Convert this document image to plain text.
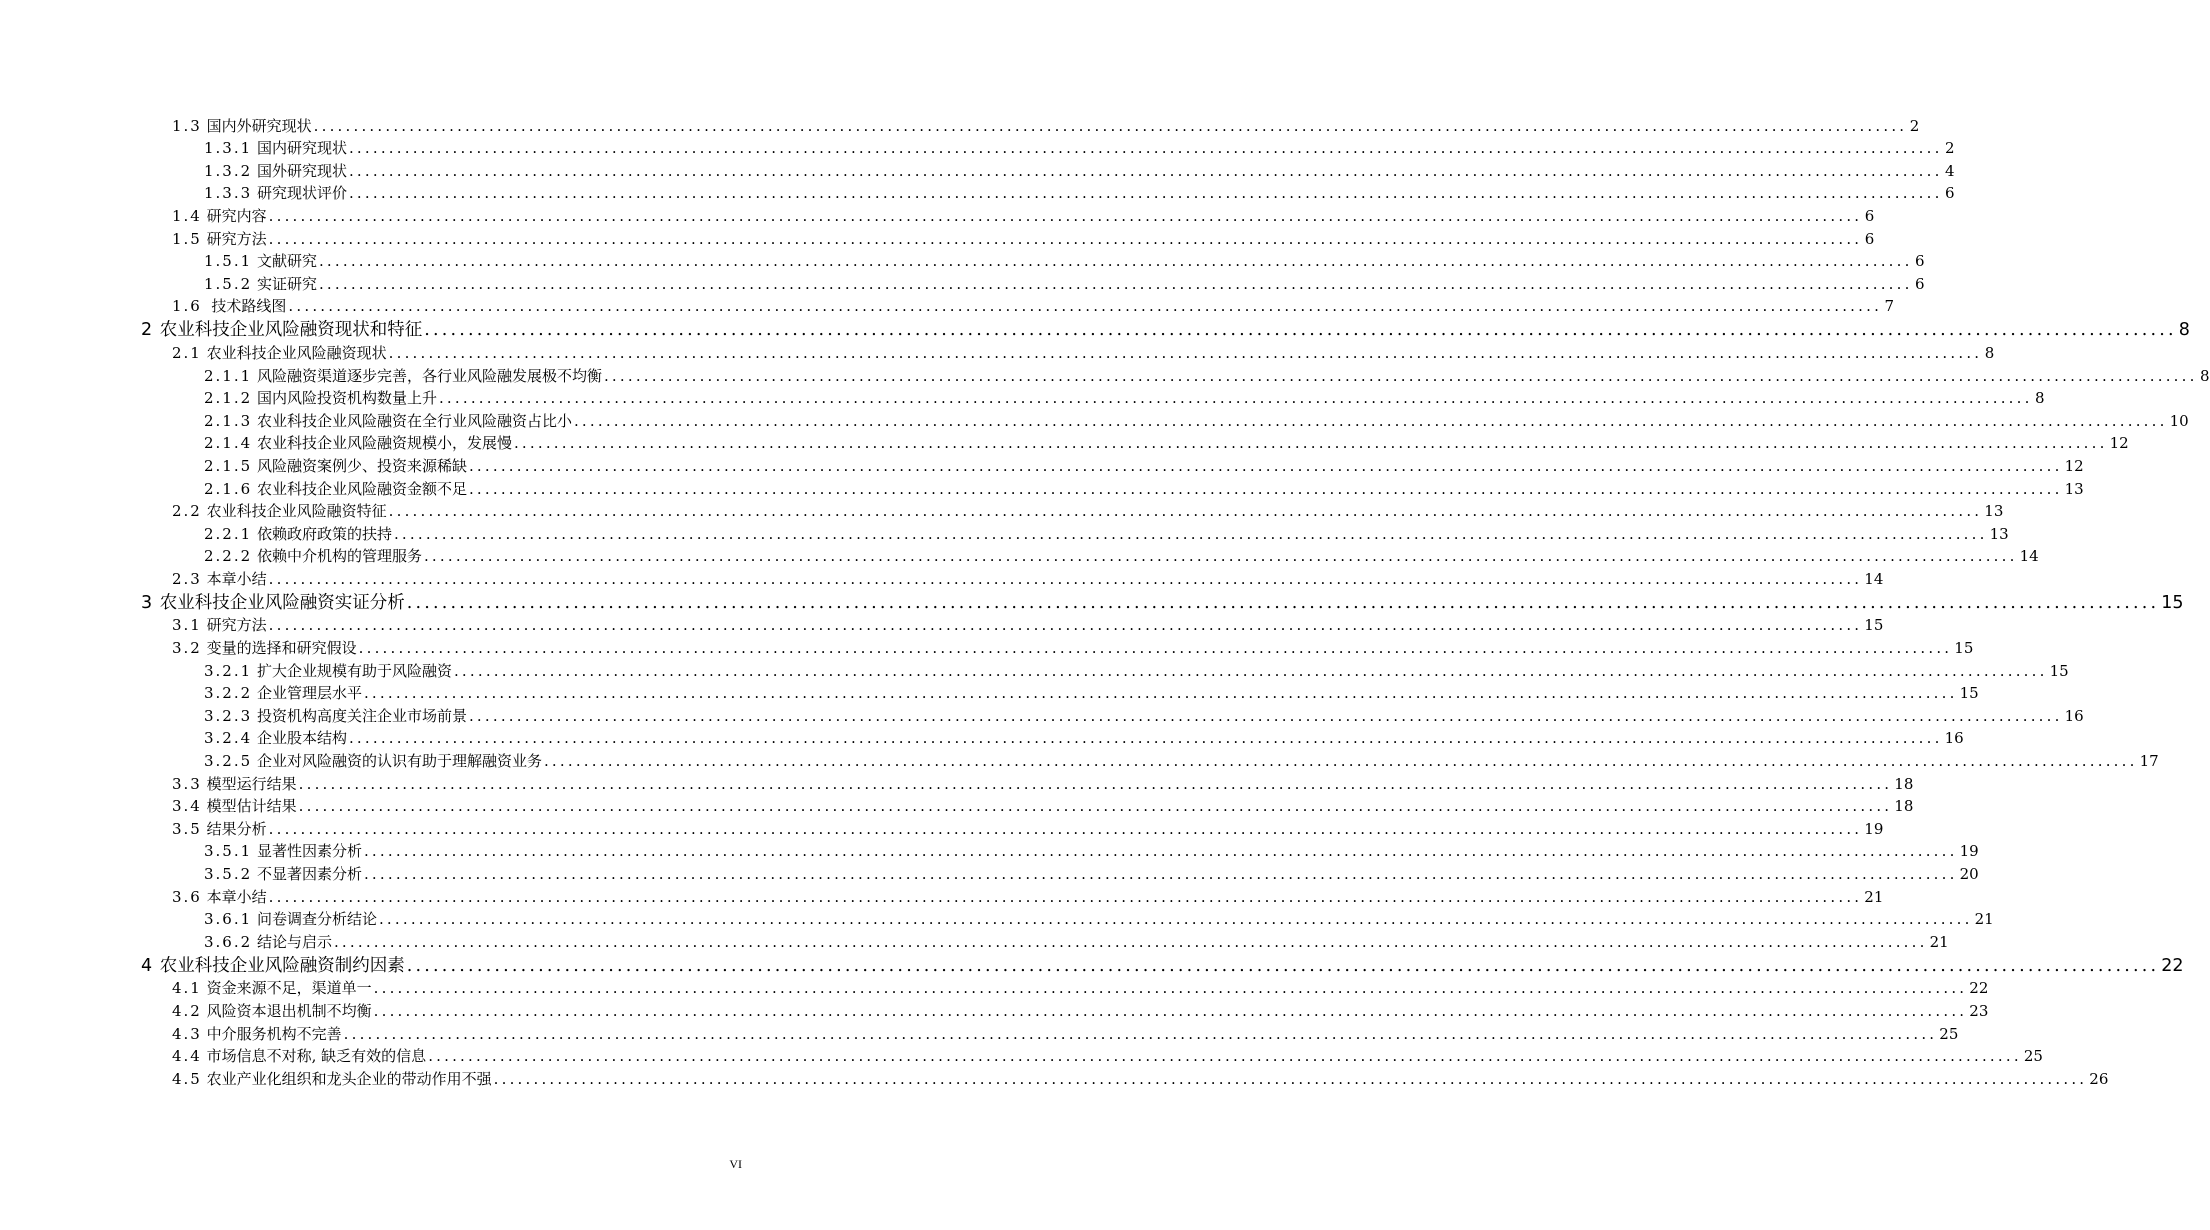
1.3 国内外研究现状 ........................................................................................................................................................................................................ 2
1.3.1 国内研究现状 ........................................................................................................................................................................................................ 2
1.3.2 国外研究现状 ........................................................................................................................................................................................................ 4
1.3.3 研究现状评价 ........................................................................................................................................................................................................ 6
1.4 研究内容 ........................................................................................................................................................................................................ 6
1.5 研究方法 ........................................................................................................................................................................................................ 6
1.5.1 文献研究 ........................................................................................................................................................................................................ 6
1.5.2 实证研究 ........................................................................................................................................................................................................ 6
1.6  技术路线图 ........................................................................................................................................................................................................ 7
2 农业科技企业风险融资现状和特征 ........................................................................................................................................................................................................ 8
2.1 农业科技企业风险融资现状 ........................................................................................................................................................................................................ 8
2.1.1 风险融资渠道逐步完善，各行业风险融发展极不均衡 ........................................................................................................................................................................................................ 8
2.1.2 国内风险投资机构数量上升 ........................................................................................................................................................................................................ 8
2.1.3 农业科技企业风险融资在全行业风险融资占比小 ........................................................................................................................................................................................................ 10
2.1.4 农业科技企业风险融资规模小，发展慢 ........................................................................................................................................................................................................ 12
2.1.5 风险融资案例少、投资来源稀缺 ........................................................................................................................................................................................................ 12
2.1.6 农业科技企业风险融资金额不足 ........................................................................................................................................................................................................ 13
2.2 农业科技企业风险融资特征 ........................................................................................................................................................................................................ 13
2.2.1 依赖政府政策的扶持 ........................................................................................................................................................................................................ 13
2.2.2 依赖中介机构的管理服务 ........................................................................................................................................................................................................ 14
2.3 本章小结 ........................................................................................................................................................................................................ 14
3 农业科技企业风险融资实证分析 ........................................................................................................................................................................................................ 15
3.1 研究方法 ........................................................................................................................................................................................................ 15
3.2 变量的选择和研究假设 ........................................................................................................................................................................................................ 15
3.2.1 扩大企业规模有助于风险融资 ........................................................................................................................................................................................................ 15
3.2.2 企业管理层水平 ........................................................................................................................................................................................................ 15
3.2.3 投资机构高度关注企业市场前景 ........................................................................................................................................................................................................ 16
3.2.4 企业股本结构 ........................................................................................................................................................................................................ 16
3.2.5 企业对风险融资的认识有助于理解融资业务 ........................................................................................................................................................................................................ 17
3.3 模型运行结果 ........................................................................................................................................................................................................ 18
3.4 模型估计结果 ........................................................................................................................................................................................................ 18
3.5 结果分析 ........................................................................................................................................................................................................ 19
3.5.1 显著性因素分析 ........................................................................................................................................................................................................ 19
3.5.2 不显著因素分析 ........................................................................................................................................................................................................ 20
3.6 本章小结 ........................................................................................................................................................................................................ 21
3.6.1 问卷调查分析结论 ........................................................................................................................................................................................................ 21
3.6.2 结论与启示 ........................................................................................................................................................................................................ 21
4 农业科技企业风险融资制约因素 ........................................................................................................................................................................................................ 22
4.1 资金来源不足，渠道单一 ........................................................................................................................................................................................................ 22
4.2 风险资本退出机制不均衡 ........................................................................................................................................................................................................ 23
4.3 中介服务机构不完善 ........................................................................................................................................................................................................ 25
4.4 市场信息不对称, 缺乏有效的信息 ........................................................................................................................................................................................................ 25
4.5 农业产业化组织和龙头企业的带动作用不强 ........................................................................................................................................................................................................ 26
VI
